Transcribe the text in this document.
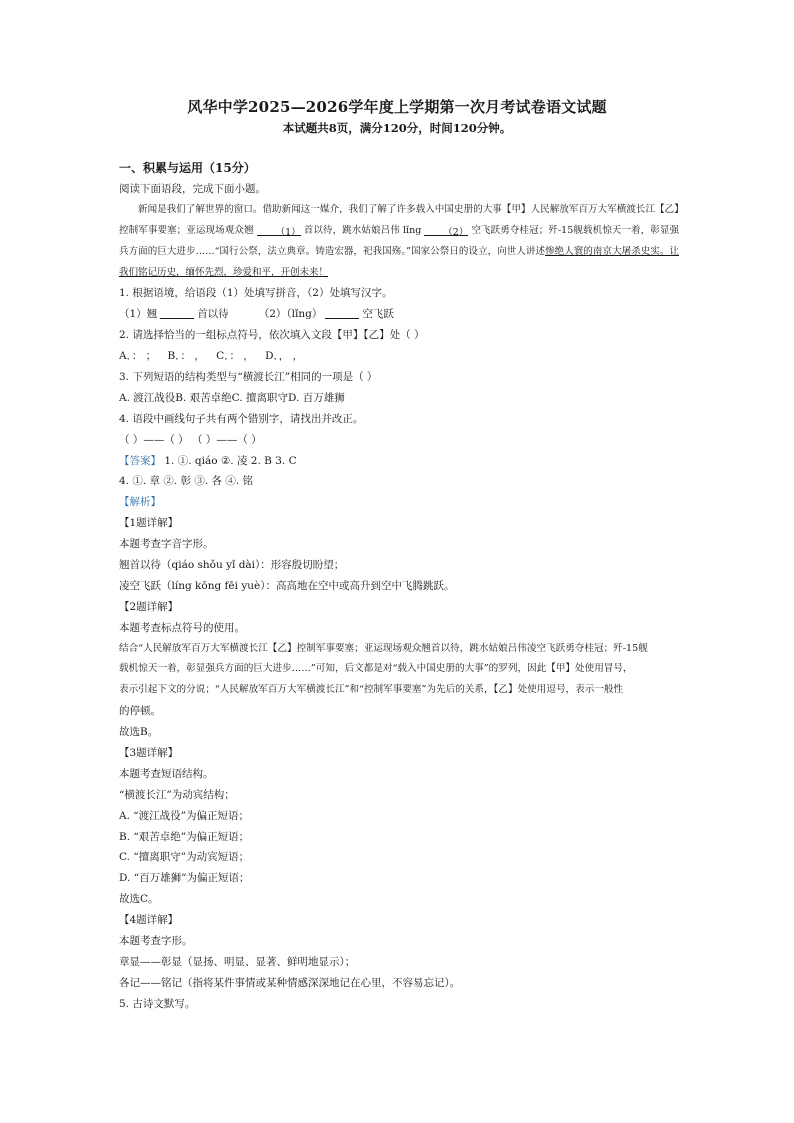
风华中学2025—2026学年度上学期第一次月考试卷语文试题
本试题共8页，满分120分，时间120分钟。
一、积累与运用（15分）
阅读下面语段，完成下面小题。
新闻是我们了解世界的窗口。借助新闻这一媒介，我们了解了许多载入中国史册的大事【甲】人民解放军百万大军横渡长江【乙】控制军事要塞；亚运现场观众翘 （1） 首以待，跳水姑娘吕伟 lǐng （2） 空飞跃勇夺桂冠；歼-15舰载机惊天一着，彰显强兵方面的巨大进步……“国行公祭，法立典章。铸造宏器，祀我国殇。”国家公祭日的设立，向世人讲述惨绝人寰的南京大屠杀史实。让我们铭记历史，缅怀先烈，珍爱和平，开创未来！
1. 根据语境，给语段（1）处填写拼音，（2）处填写汉字。
（1）翘	首以待	（2）（lǐng）	空飞跃
2. 请选择恰当的一组标点符号，依次填入文段【甲】【乙】处（ ）
A．： ； B．： ， C．： ， D．， ，
3. 下列短语的结构类型与“横渡长江”相同的一项是（ ）
A. 渡江战役B. 艰苦卓绝C. 擅离职守D. 百万雄狮
4. 语段中画线句子共有两个错别字，请找出并改正。
（ ）——（ ） （ ）——（ ）
【答案】 1. ①. qiáo ②. 凌 2. B 3. C
4. ①. 章 ②. 彰 ③. 各 ④. 铭
【解析】
【1题详解】
本题考查字音字形。
翘首以待（qiáo shǒu yǐ dài）：形容殷切盼望；
凌空飞跃（líng kōng fēi yuè）：高高地在空中或高升到空中飞腾跳跃。
【2题详解】
本题考查标点符号的使用。
结合“人民解放军百万大军横渡长江【乙】控制军事要塞；亚运现场观众翘首以待，跳水姑娘吕伟凌空飞跃勇夺桂冠；歼-15舰
载机惊天一着，彰显强兵方面的巨大进步……”可知，后文都是对“载入中国史册的大事”的罗列，因此【甲】处使用冒号，
表示引起下文的分说；“人民解放军百万大军横渡长江”和“控制军事要塞”为先后的关系，【乙】处使用逗号，表示一般性
的停顿。
故选B。
【3题详解】
本题考查短语结构。
“横渡长江”为动宾结构；
A. “渡江战役”为偏正短语；
B. “艰苦卓绝”为偏正短语；
C. “擅离职守”为动宾短语；
D. “百万雄狮”为偏正短语；
故选C。
【4题详解】
本题考查字形。
章显——彰显（显扬、明显、显著、鲜明地显示）；
各记——铭记（指将某件事情或某种情感深深地记在心里，不容易忘记）。
5. 古诗文默写。
